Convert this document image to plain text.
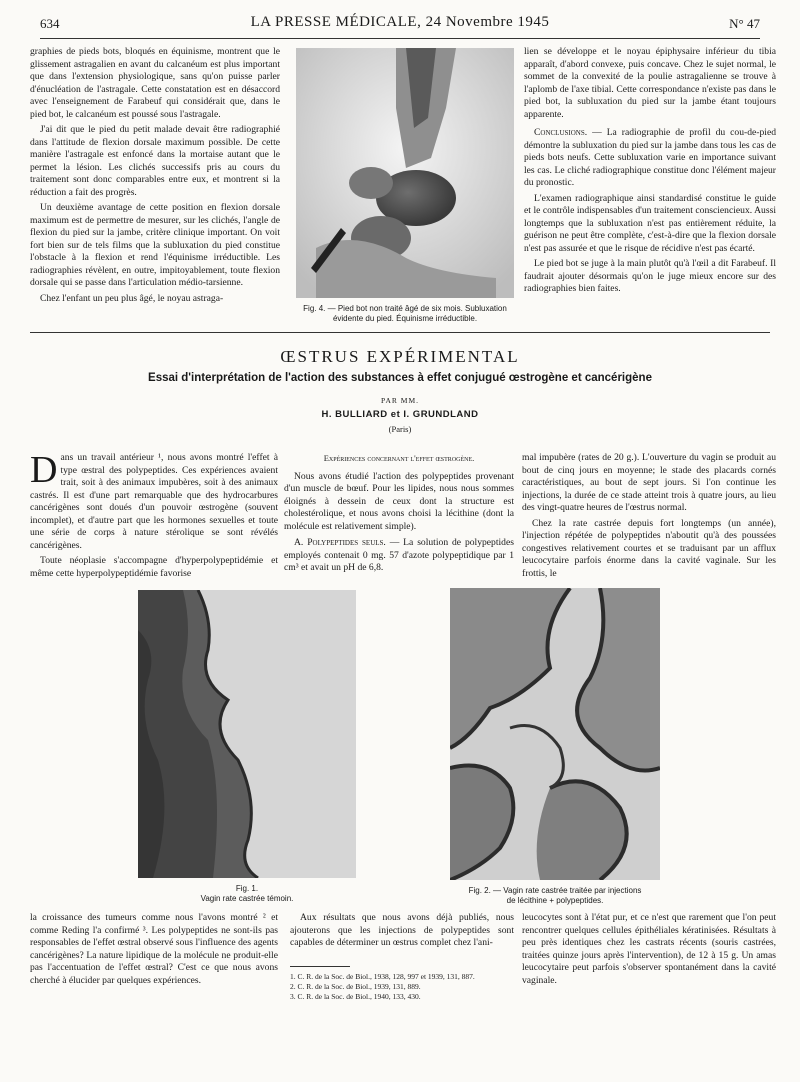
634	LA PRESSE MÉDICALE, 24 Novembre 1945	N° 47

graphies de pieds bots, bloqués en équinisme, montrent que le glissement astragalien en avant du calcanéum est plus important que dans l'extension physiologique, sans qu'on puisse parler d'énucléation de l'astragale. Cette constatation est en désaccord avec l'enseignement de Farabeuf qui considérait que, dans le pied bot, le calcanéum est poussé sous l'astragale.

J'ai dit que le pied du petit malade devait être radiographié dans l'attitude de flexion dorsale maximum possible. De cette manière l'astragale est enfoncé dans la mortaise autant que le permet la lésion. Les clichés successifs pris au cours du traitement sont donc comparables entre eux, et montrent si la réduction a fait des progrès.

Un deuxième avantage de cette position en flexion dorsale maximum est de permettre de mesurer, sur les clichés, l'angle de flexion du pied sur la jambe, critère clinique important. On voit fort bien sur de tels films que la subluxation du pied constitue l'obstacle à la flexion et rend l'équinisme irréductible. Les radiographies révèlent, en outre, impitoyablement, toute flexion dorsale qui se passe dans l'articulation médio-tarsienne.

Chez l'enfant un peu plus âgé, le noyau astraga-

Fig. 4. — Pied bot non traité âgé de six mois. Subluxation évidente du pied. Équinisme irréductible.

lien se développe et le noyau épiphysaire inférieur du tibia apparaît, d'abord convexe, puis concave. Chez le sujet normal, le sommet de la convexité de la poulie astragalienne se trouve à l'aplomb de l'axe tibial. Cette correspondance n'existe pas dans le pied bot, la subluxation du pied sur la jambe étant toujours apparente.

Conclusions. — La radiographie de profil du cou-de-pied démontre la subluxation du pied sur la jambe dans tous les cas de pieds bots neufs. Cette subluxation varie en importance suivant les cas. Le cliché radiographique constitue donc l'élément majeur du pronostic.

L'examen radiographique ainsi standardisé constitue le guide et le contrôle indispensables d'un traitement consciencieux. Aussi longtemps que la subluxation n'est pas entièrement réduite, la guérison ne peut être complète, c'est-à-dire que la flexion dorsale n'est pas assurée et que le risque de récidive n'est pas écarté.

Le pied bot se juge à la main plutôt qu'à l'œil a dit Farabeuf. Il faudrait ajouter désormais qu'on le juge mieux encore sur des radiographies bien faites.

ŒSTRUS EXPÉRIMENTAL
Essai d'interprétation de l'action des substances à effet conjugué œstrogène et cancérigène
PAR MM.
H. BULLIARD et I. GRUNDLAND
(Paris)

Dans un travail antérieur ¹, nous avons montré l'effet à type œstral des polypeptides. Ces expériences avaient trait, soit à des animaux impubères, soit à des animaux castrés. Il est d'une part remarquable que des hydrocarbures cancérigènes sont doués d'un pouvoir œstrogène (souvent incomplet), et d'autre part que les hormones sexuelles et toute une série de corps à nature stérolique se sont révélés cancérigènes.

Toute néoplasie s'accompagne d'hyperpolypeptidémie et même cette hyperpolypeptidémie favorise

Expériences concernant l'effet œstrogène.

Nous avons étudié l'action des polypeptides provenant d'un muscle de bœuf. Pour les lipides, nous nous sommes éloignés à dessein de ceux dont la structure est cholestérolique, et nous avons choisi la lécithine (dont la molécule est relativement simple).

A. Polypeptides seuls. — La solution de polypeptides employés contenait 0 mg. 57 d'azote polypeptidique par 1 cm³ et avait un pH de 6,8.

mal impubère (rates de 20 g.). L'ouverture du vagin se produit au bout de cinq jours en moyenne; le stade des placards cornés caractéristiques, au bout de sept jours. Si l'on continue les injections, la durée de ce stade atteint trois à quatre jours, au lieu des vingt-quatre heures de l'œstrus normal.

Chez la rate castrée depuis fort longtemps (un année), l'injection répétée de polypeptides n'aboutit qu'à des poussées congestives relativement courtes et se traduisant par un afflux leucocytaire parfois énorme dans la cavité vaginale. Sur les frottis, le

Fig. 1.
Vagin rate castrée témoin.
Fig. 2. — Vagin rate castrée traitée par injections
de lécithine + polypeptides.

la croissance des tumeurs comme nous l'avons montré ² et comme Reding l'a confirmé ³. Les polypeptides ne sont-ils pas responsables de l'effet œstral observé sous l'influence des agents cancérigènes? La nature lipidique de la molécule ne produit-elle pas l'accentuation de l'effet œstral? C'est ce que nous avons cherché à élucider par quelques expériences.

Aux résultats que nous avons déjà publiés, nous ajouterons que les injections de polypeptides sont capables de déterminer un œstrus complet chez l'ani-

1. C. R. de la Soc. de Biol., 1938, 128, 997 et 1939, 131, 887.
2. C. R. de la Soc. de Biol., 1939, 131, 889.
3. C. R. de la Soc. de Biol., 1940, 133, 430.

leucocytes sont à l'état pur, et ce n'est que rarement que l'on peut rencontrer quelques cellules épithéliales kératinisées. Résultats à peu près identiques chez les castrats récents (souris castrées, traitées quinze jours après l'intervention), de 12 à 15 g. Un amas leucocytaire peut parfois s'observer spontanément dans la cavité vaginale.
